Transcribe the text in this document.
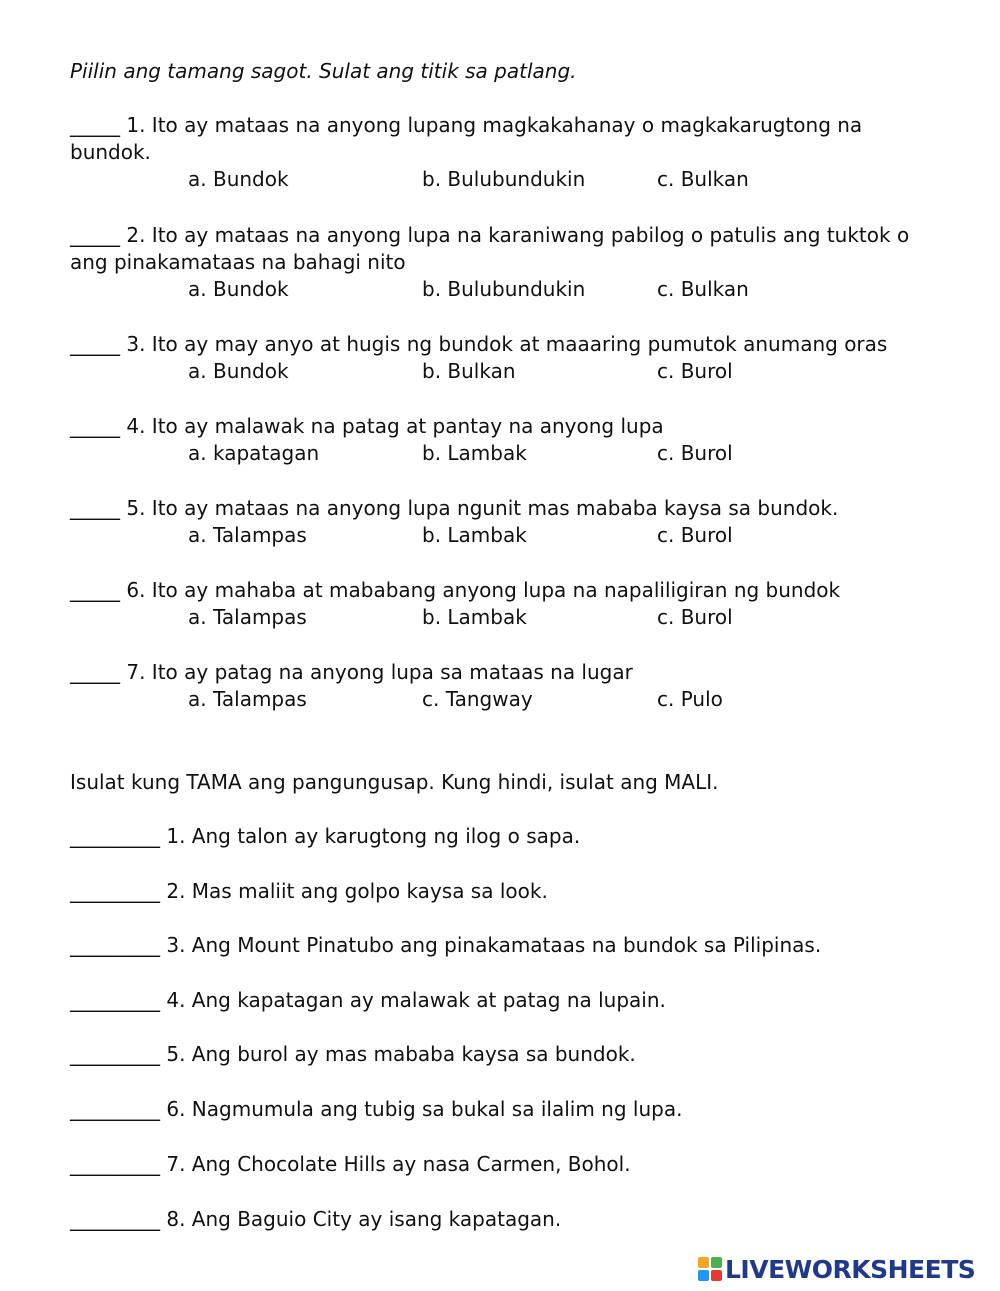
Piilin ang tamang sagot. Sulat ang titik sa patlang.
_____ 1. Ito ay mataas na anyong lupang magkakahanay o magkakarugtong na
bundok.
a. Bundok	b. Bulubundukin	c. Bulkan
_____ 2. Ito ay mataas na anyong lupa na karaniwang pabilog o patulis ang tuktok o
ang pinakamataas na bahagi nito
a. Bundok	b. Bulubundukin	c. Bulkan
_____ 3. Ito ay may anyo at hugis ng bundok at maaaring pumutok anumang oras
a. Bundok	b. Bulkan	c. Burol
_____ 4. Ito ay malawak na patag at pantay na anyong lupa
a. kapatagan	b. Lambak	c. Burol
_____ 5. Ito ay mataas na anyong lupa ngunit mas mababa kaysa sa bundok.
a. Talampas	b. Lambak	c. Burol
_____ 6. Ito ay mahaba at mababang anyong lupa na napaliligiran ng bundok
a. Talampas	b. Lambak	c. Burol
_____ 7. Ito ay patag na anyong lupa sa mataas na lugar
a. Talampas	c. Tangway	c. Pulo
Isulat kung TAMA ang pangungusap. Kung hindi, isulat ang MALI.
_________ 1. Ang talon ay karugtong ng ilog o sapa.
_________ 2. Mas maliit ang golpo kaysa sa look.
_________ 3. Ang Mount Pinatubo ang pinakamataas na bundok sa Pilipinas.
_________ 4. Ang kapatagan ay malawak at patag na lupain.
_________ 5. Ang burol ay mas mababa kaysa sa bundok.
_________ 6. Nagmumula ang tubig sa bukal sa ilalim ng lupa.
_________ 7. Ang Chocolate Hills ay nasa Carmen, Bohol.
_________ 8. Ang Baguio City ay isang kapatagan.
LIVEWORKSHEETS
